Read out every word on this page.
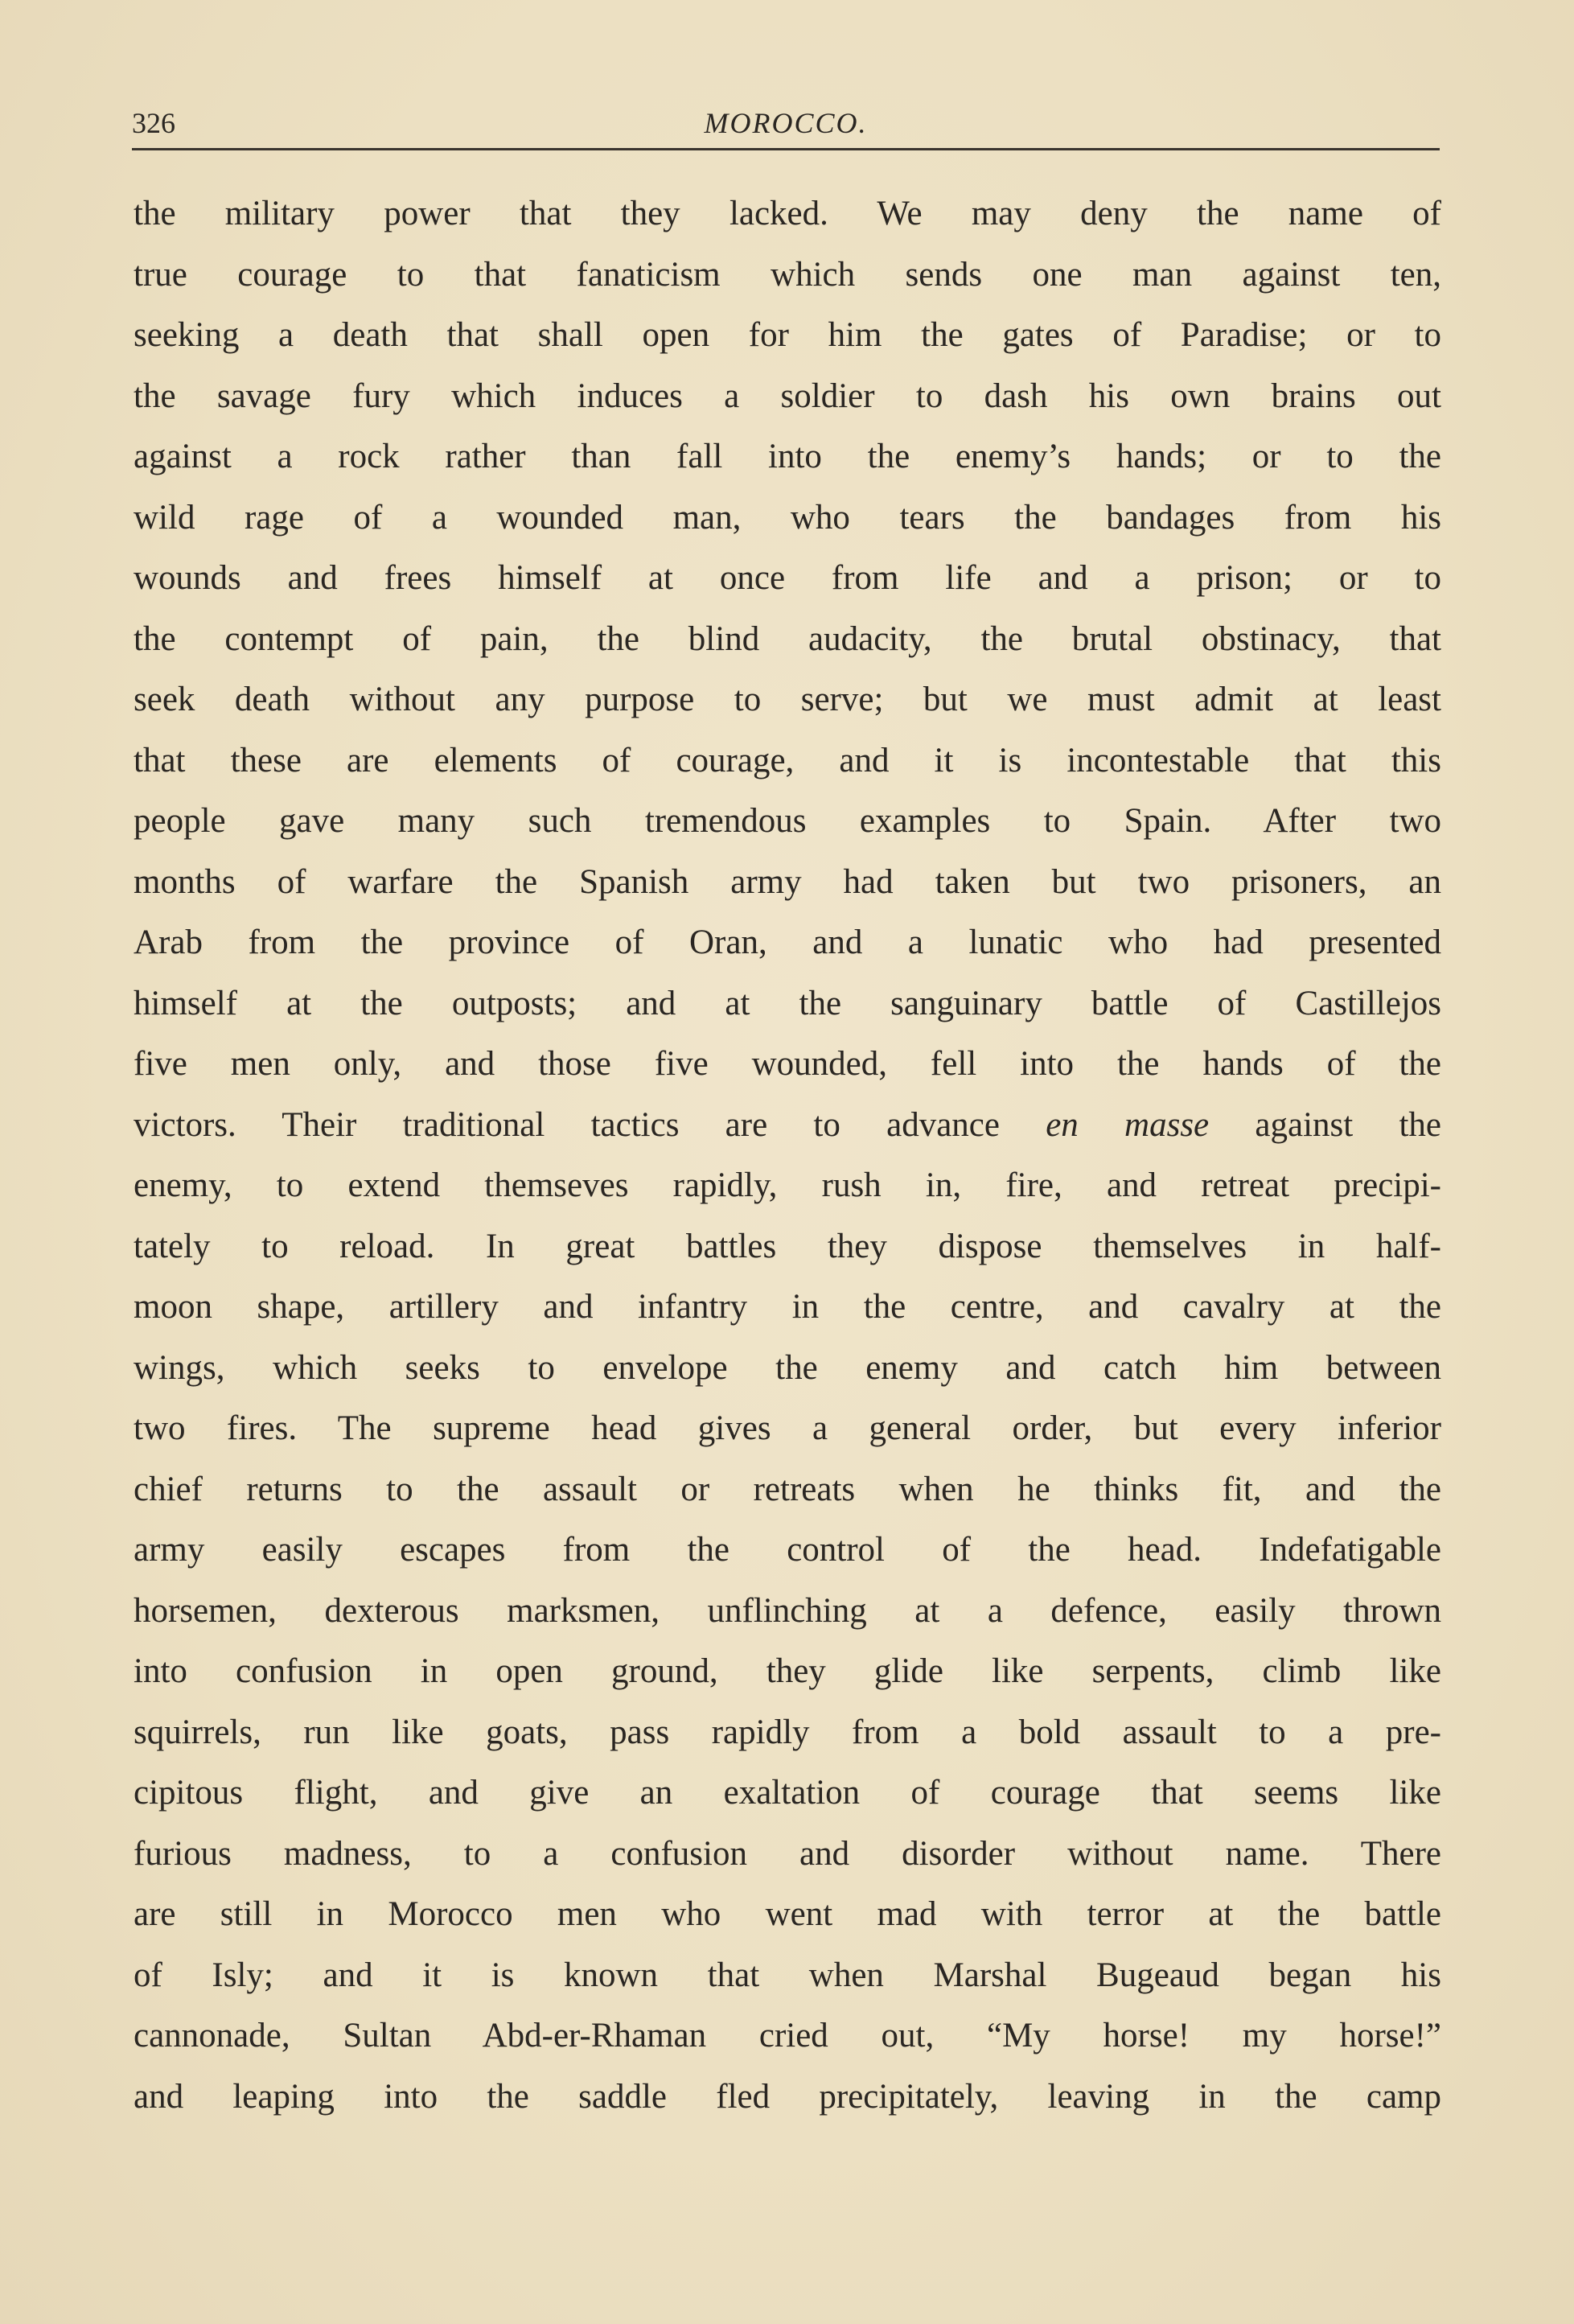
326	MOROCCO.
the military power that they lacked. We may deny the name of
true courage to that fanaticism which sends one man against ten,
seeking a death that shall open for him the gates of Paradise; or to
the savage fury which induces a soldier to dash his own brains out
against a rock rather than fall into the enemy’s hands; or to the
wild rage of a wounded man, who tears the bandages from his
wounds and frees himself at once from life and a prison; or to
the contempt of pain, the blind audacity, the brutal obstinacy, that
seek death without any purpose to serve; but we must admit at least
that these are elements of courage, and it is incontestable that this
people gave many such tremendous examples to Spain. After two
months of warfare the Spanish army had taken but two prisoners, an
Arab from the province of Oran, and a lunatic who had presented
himself at the outposts; and at the sanguinary battle of Castillejos
five men only, and those five wounded, fell into the hands of the
victors. Their traditional tactics are to advance en masse against the
enemy, to extend themseves rapidly, rush in, fire, and retreat precipi-
tately to reload. In great battles they dispose themselves in half-
moon shape, artillery and infantry in the centre, and cavalry at the
wings, which seeks to envelope the enemy and catch him between
two fires. The supreme head gives a general order, but every inferior
chief returns to the assault or retreats when he thinks fit, and the
army easily escapes from the control of the head. Indefatigable
horsemen, dexterous marksmen, unflinching at a defence, easily thrown
into confusion in open ground, they glide like serpents, climb like
squirrels, run like goats, pass rapidly from a bold assault to a pre-
cipitous flight, and give an exaltation of courage that seems like
furious madness, to a confusion and disorder without name. There
are still in Morocco men who went mad with terror at the battle
of Isly; and it is known that when Marshal Bugeaud began his
cannonade, Sultan Abd-er-Rhaman cried out, “My horse! my horse!”
and leaping into the saddle fled precipitately, leaving in the camp
